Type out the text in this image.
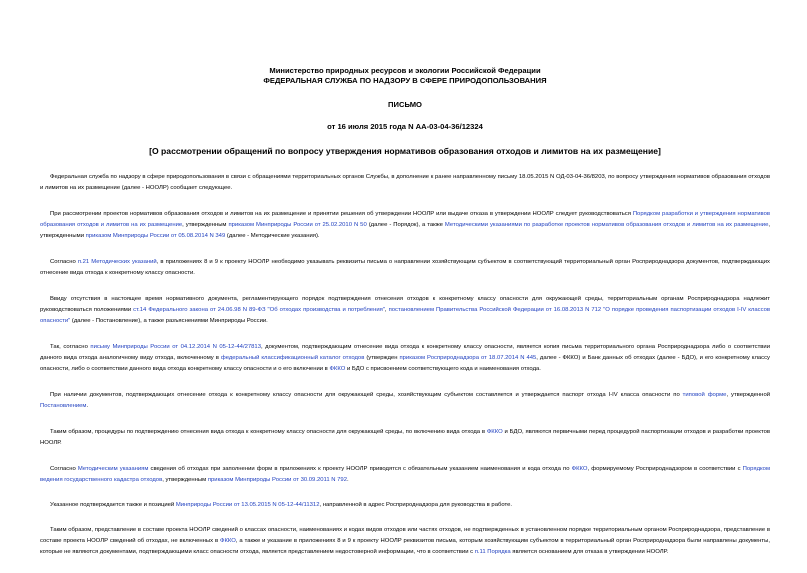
Министерство природных ресурсов и экологии Российской Федерации

ФЕДЕРАЛЬНАЯ СЛУЖБА ПО НАДЗОРУ В СФЕРЕ ПРИРОДОПОЛЬЗОВАНИЯ

ПИСЬМО

от 16 июля 2015 года N АА-03-04-36/12324

[О рассмотрении обращений по вопросу утверждения нормативов образования отходов и лимитов на их размещение]

Федеральная служба по надзору в сфере природопользования в связи с обращениями территориальных органов Службы, в дополнение к ранее направленному письму 18.05.2015 N ОД-03-04-36/8203, по вопросу утверждения нормативов образования отходов и лимитов на их размещение (далее - НООЛР) сообщает следующее.

При рассмотрении проектов нормативов образования отходов и лимитов на их размещение и принятии решения об утверждении НООЛР или выдаче отказа в утверждении НООЛР следует руководствоваться Порядком разработки и утверждения нормативов образования отходов и лимитов на их размещение, утвержденным приказом Минприроды России от 25.02.2010 N 50 (далее - Порядок), а также Методическими указаниями по разработке проектов нормативов образования отходов и лимитов на их размещение, утвержденными приказом Минприроды России от 05.08.2014 N 349 (далее - Методические указания).

Согласно п.21 Методических указаний, в приложениях 8 и 9 к проекту НООЛР необходимо указывать реквизиты письма о направлении хозяйствующим субъектом в соответствующий территориальный орган Росприроднадзора документов, подтверждающих отнесение вида отхода к конкретному классу опасности.

Ввиду отсутствия в настоящее время нормативного документа, регламентирующего порядок подтверждения отнесения отходов к конкретному классу опасности для окружающей среды, территориальным органам Росприроднадзора надлежит руководствоваться положениями ст.14 Федерального закона от 24.06.98 N 89-ФЗ "Об отходах производства и потребления", постановлением Правительства Российской Федерации от 16.08.2013 N 712 "О порядке проведения паспортизации отходов I-IV классов опасности" (далее - Постановление), а также разъяснениями Минприроды России.

Так, согласно письму Минприроды России от 04.12.2014 N 05-12-44/27813, документом, подтверждающим отнесение вида отхода к конкретному классу опасности, является копия письма территориального органа Росприроднадзора либо о соответствии данного вида отхода аналогичному виду отхода, включенному в федеральный классификационный каталог отходов (утвержден приказом Росприроднадзора от 18.07.2014 N 445, далее - ФККО) и Банк данных об отходах (далее - БДО), и его конкретному классу опасности, либо о соответствии данного вида отхода конкретному классу опасности и о его включении в ФККО и БДО с присвоением соответствующего кода и наименования отхода.

При наличии документов, подтверждающих отнесение отхода к конкретному классу опасности для окружающей среды, хозяйствующим субъектом составляется и утверждается паспорт отхода I-IV класса опасности по типовой форме, утвержденной Постановлением.

Таким образом, процедуры по подтверждению отнесения вида отхода к конкретному классу опасности для окружающей среды, по включению вида отхода в ФККО и БДО, являются первичными перед процедурой паспортизации отходов и разработки проектов НООЛР.

Согласно Методическим указаниям сведения об отходах при заполнении форм в приложениях к проекту НООЛР приводятся с обязательным указанием наименования и кода отхода по ФККО, формируемому Росприроднадзором в соответствии с Порядком ведения государственного кадастра отходов, утвержденным приказом Минприроды России от 30.09.2011 N 792.

Указанное подтверждается также и позицией Минприроды России от 13.05.2015 N 05-12-44/11312, направленной в адрес Росприроднадзора для руководства в работе.

Таким образом, представление в составе проекта НООЛР сведений о классах опасности, наименованиях и кодах видов отходов или частях отходов, не подтвержденных в установленном порядке территориальным органом Росприроднадзора, представление в составе проекта НООЛР сведений об отходах, не включенных в ФККО, а также и указание в приложениях 8 и 9 к проекту НООЛР реквизитов письма, которым хозяйствующим субъектом в территориальный орган Росприроднадзора были направлены документы, которые не являются документами, подтверждающими класс опасности отхода, является представлением недостоверной информации, что в соответствии с п.11 Порядка является основанием для отказа в утверждении НООЛР.
